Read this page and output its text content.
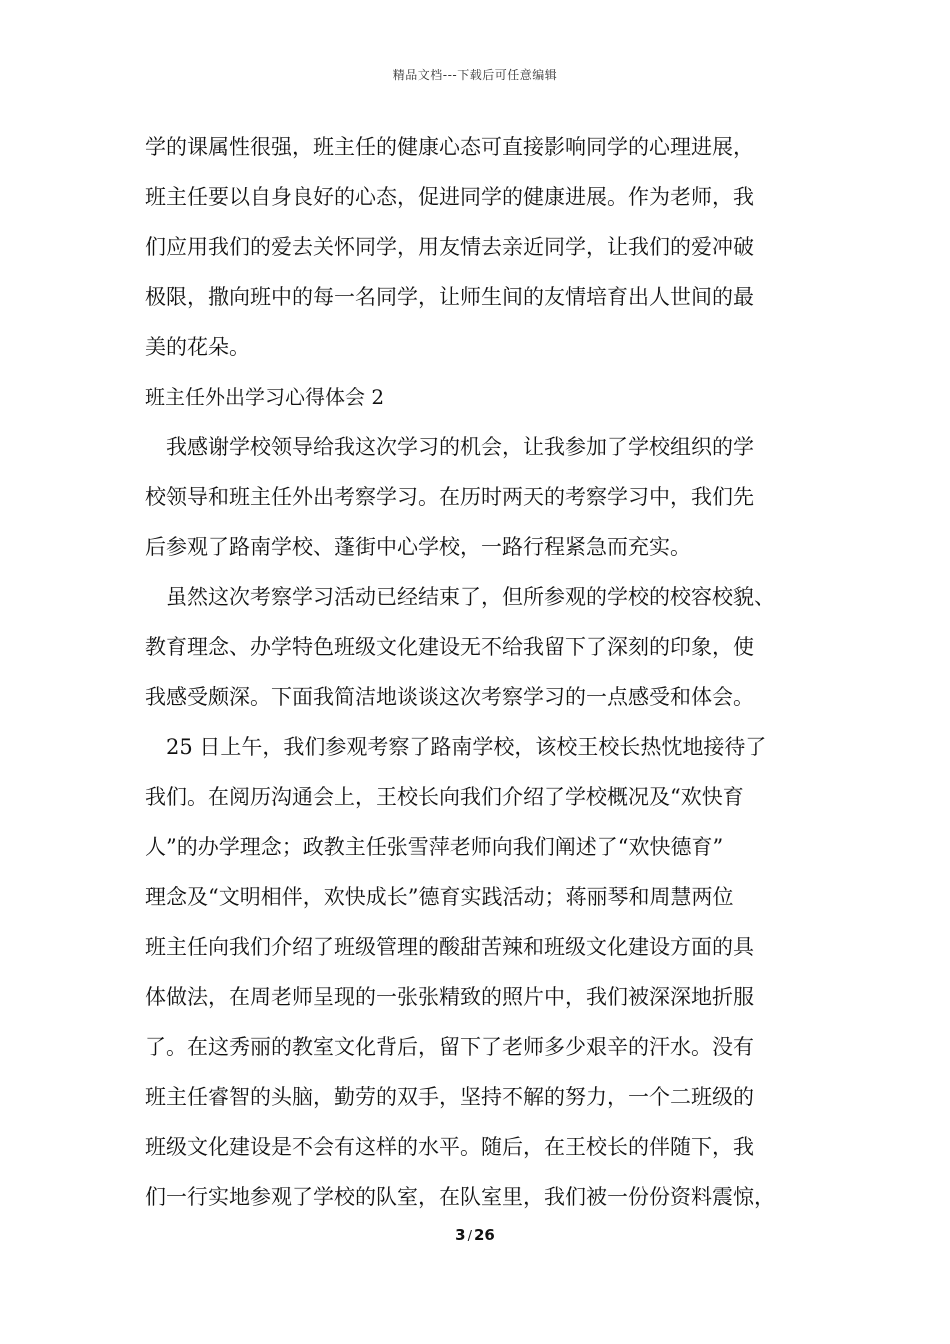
精品文档---下载后可任意编辑
学的课属性很强，班主任的健康心态可直接影响同学的心理进展，
班主任要以自身良好的心态，促进同学的健康进展。作为老师，我
们应用我们的爱去关怀同学，用友情去亲近同学，让我们的爱冲破
极限，撒向班中的每一名同学，让师生间的友情培育出人世间的最
美的花朵。
班主任外出学习心得体会 2
我感谢学校领导给我这次学习的机会，让我参加了学校组织的学
校领导和班主任外出考察学习。在历时两天的考察学习中，我们先
后参观了路南学校、蓬街中心学校，一路行程紧急而充实。
虽然这次考察学习活动已经结束了，但所参观的学校的校容校貌、
教育理念、办学特色班级文化建设无不给我留下了深刻的印象，使
我感受颇深。下面我简洁地谈谈这次考察学习的一点感受和体会。
25 日上午，我们参观考察了路南学校，该校王校长热忱地接待了
我们。在阅历沟通会上，王校长向我们介绍了学校概况及“欢快育
人”的办学理念；政教主任张雪萍老师向我们阐述了“欢快德育”
理念及“文明相伴，欢快成长”德育实践活动；蒋丽琴和周慧两位
班主任向我们介绍了班级管理的酸甜苦辣和班级文化建设方面的具
体做法，在周老师呈现的一张张精致的照片中，我们被深深地折服
了。在这秀丽的教室文化背后，留下了老师多少艰辛的汗水。没有
班主任睿智的头脑，勤劳的双手，坚持不解的努力，一个二班级的
班级文化建设是不会有这样的水平。随后，在王校长的伴随下，我
们一行实地参观了学校的队室，在队室里，我们被一份份资料震惊，
3 / 26
